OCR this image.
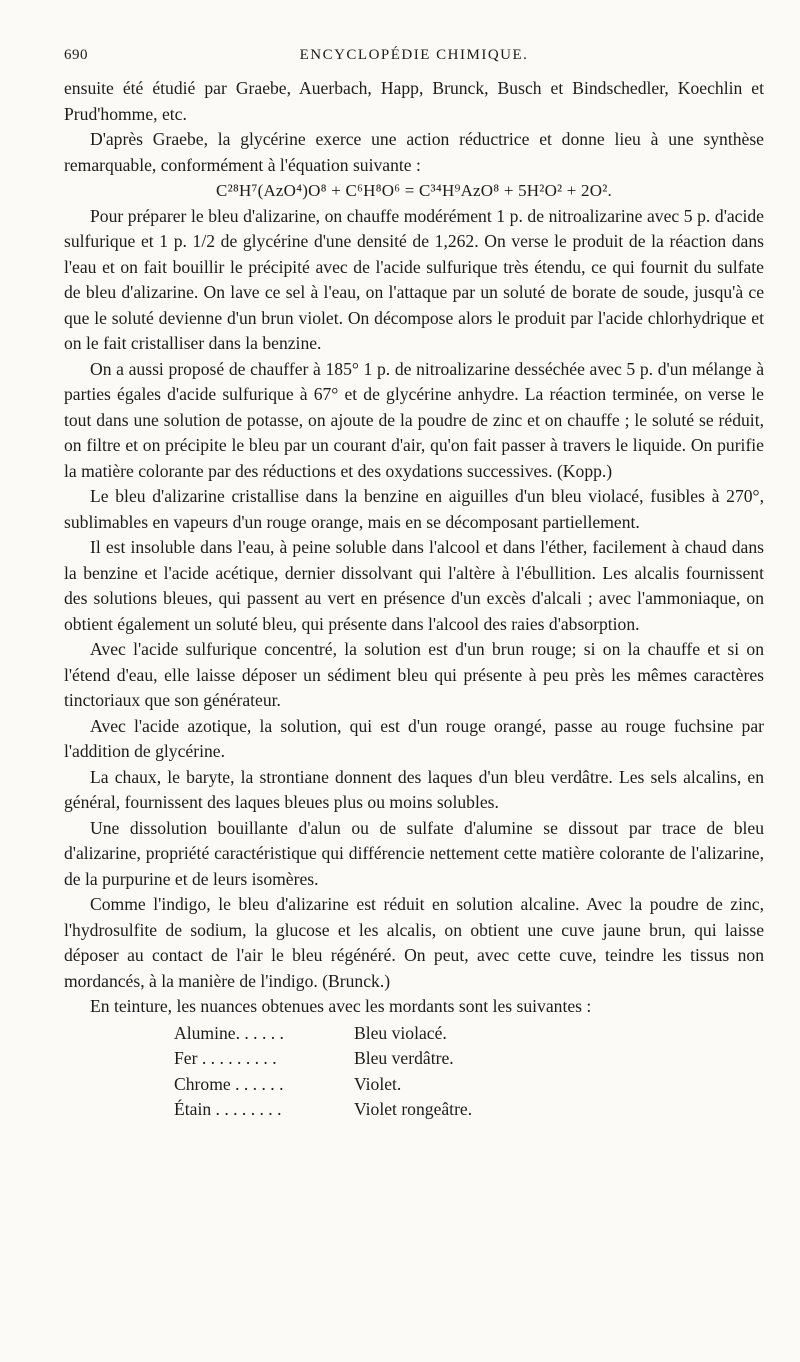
690	ENCYCLOPÉDIE CHIMIQUE.

ensuite été étudié par Graebe, Auerbach, Happ, Brunck, Busch et Bindschedler, Koechlin et Prud'homme, etc.

D'après Graebe, la glycérine exerce une action réductrice et donne lieu à une synthèse remarquable, conformément à l'équation suivante :

C²⁸H⁷(AzO⁴)O⁸ + C⁶H⁸O⁶ = C³⁴H⁹AzO⁸ + 5H²O² + 2O².

Pour préparer le bleu d'alizarine, on chauffe modérément 1 p. de nitroalizarine avec 5 p. d'acide sulfurique et 1 p. 1/2 de glycérine d'une densité de 1,262. On verse le produit de la réaction dans l'eau et on fait bouillir le précipité avec de l'acide sulfurique très étendu, ce qui fournit du sulfate de bleu d'alizarine. On lave ce sel à l'eau, on l'attaque par un soluté de borate de soude, jusqu'à ce que le soluté devienne d'un brun violet. On décompose alors le produit par l'acide chlorhydrique et on le fait cristalliser dans la benzine.

On a aussi proposé de chauffer à 185° 1 p. de nitroalizarine desséchée avec 5 p. d'un mélange à parties égales d'acide sulfurique à 67° et de glycérine anhydre. La réaction terminée, on verse le tout dans une solution de potasse, on ajoute de la poudre de zinc et on chauffe ; le soluté se réduit, on filtre et on précipite le bleu par un courant d'air, qu'on fait passer à travers le liquide. On purifie la matière colorante par des réductions et des oxydations successives. (Kopp.)

Le bleu d'alizarine cristallise dans la benzine en aiguilles d'un bleu violacé, fusibles à 270°, sublimables en vapeurs d'un rouge orange, mais en se décomposant partiellement.

Il est insoluble dans l'eau, à peine soluble dans l'alcool et dans l'éther, facilement à chaud dans la benzine et l'acide acétique, dernier dissolvant qui l'altère à l'ébullition. Les alcalis fournissent des solutions bleues, qui passent au vert en présence d'un excès d'alcali ; avec l'ammoniaque, on obtient également un soluté bleu, qui présente dans l'alcool des raies d'absorption.

Avec l'acide sulfurique concentré, la solution est d'un brun rouge; si on la chauffe et si on l'étend d'eau, elle laisse déposer un sédiment bleu qui présente à peu près les mêmes caractères tinctoriaux que son générateur.

Avec l'acide azotique, la solution, qui est d'un rouge orangé, passe au rouge fuchsine par l'addition de glycérine.

La chaux, le baryte, la strontiane donnent des laques d'un bleu verdâtre. Les sels alcalins, en général, fournissent des laques bleues plus ou moins solubles.

Une dissolution bouillante d'alun ou de sulfate d'alumine se dissout par trace de bleu d'alizarine, propriété caractéristique qui différencie nettement cette matière colorante de l'alizarine, de la purpurine et de leurs isomères.

Comme l'indigo, le bleu d'alizarine est réduit en solution alcaline. Avec la poudre de zinc, l'hydrosulfite de sodium, la glucose et les alcalis, on obtient une cuve jaune brun, qui laisse déposer au contact de l'air le bleu régénéré. On peut, avec cette cuve, teindre les tissus non mordancés, à la manière de l'indigo. (Brunck.)

En teinture, les nuances obtenues avec les mordants sont les suivantes :

Alumine. . . . . .	Bleu violacé.
Fer . . . . . . . . .	Bleu verdâtre.
Chrome . . . . . .	Violet.
Étain . . . . . . . .	Violet rongeâtre.
